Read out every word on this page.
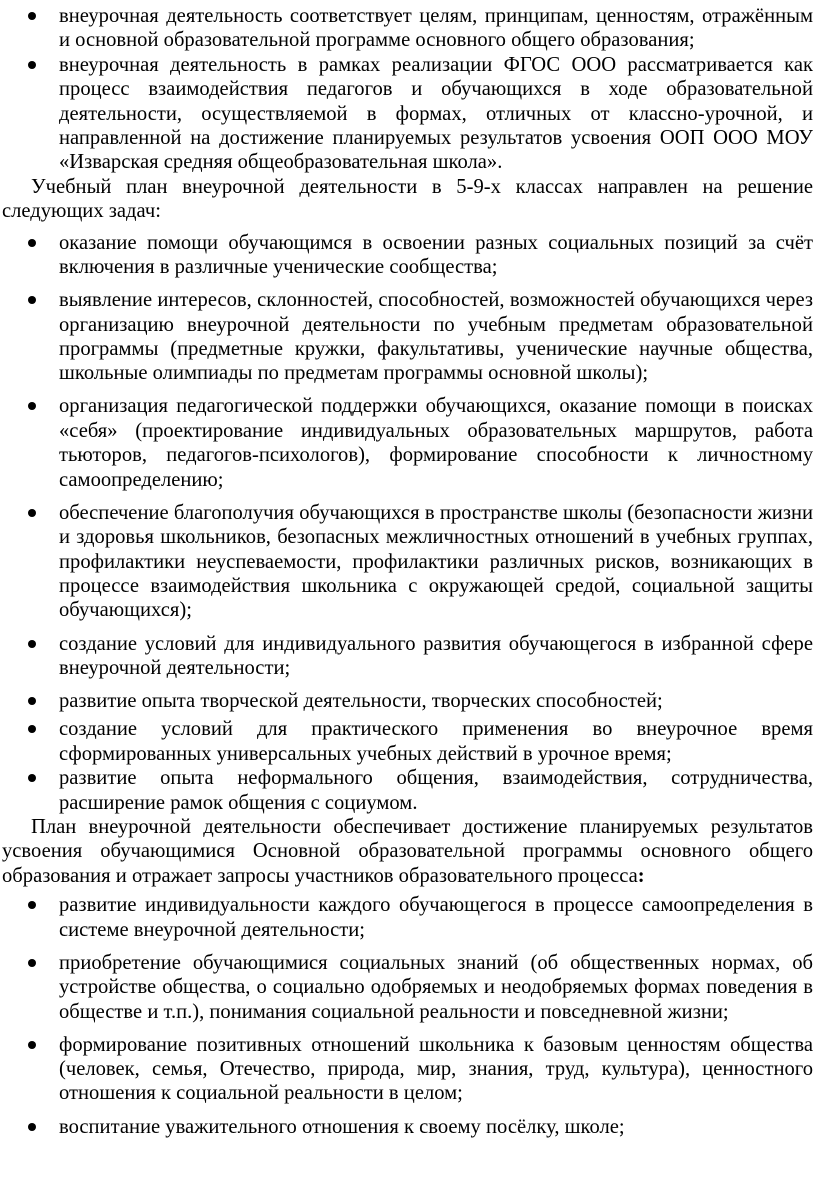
внеурочная деятельность соответствует целям, принципам, ценностям, отражённым и основной образовательной программе основного общего образования;
внеурочная деятельность в рамках реализации ФГОС ООО рассматривается как процесс взаимодействия педагогов и обучающихся в ходе образовательной деятельности, осуществляемой в формах, отличных от классно-урочной, и направленной на достижение планируемых результатов усвоения ООП ООО МОУ «Изварская средняя общеобразовательная школа».

Учебный план внеурочной деятельности в 5-9-х классах направлен на решение следующих задач:

оказание помощи обучающимся в освоении разных социальных позиций за счёт включения в различные ученические сообщества;
выявление интересов, склонностей, способностей, возможностей обучающихся через организацию внеурочной деятельности по учебным предметам образовательной программы (предметные кружки, факультативы, ученические научные общества, школьные олимпиады по предметам программы основной школы);
организация педагогической поддержки обучающихся, оказание помощи в поисках «себя» (проектирование индивидуальных образовательных маршрутов, работа тьюторов, педагогов-психологов), формирование способности к личностному самоопределению;
обеспечение благополучия обучающихся в пространстве школы (безопасности жизни и здоровья школьников, безопасных межличностных отношений в учебных группах, профилактики неуспеваемости, профилактики различных рисков, возникающих в процессе взаимодействия школьника с окружающей средой, социальной защиты обучающихся);
создание условий для индивидуального развития обучающегося в избранной сфере внеурочной деятельности;
развитие опыта творческой деятельности, творческих способностей;
создание условий для практического применения во внеурочное время сформированных универсальных учебных действий в урочное время;
развитие опыта неформального общения, взаимодействия, сотрудничества, расширение рамок общения с социумом.

План внеурочной деятельности обеспечивает достижение планируемых результатов усвоения обучающимися Основной образовательной программы основного общего образования и отражает запросы участников образовательного процесса:

развитие индивидуальности каждого обучающегося в процессе самоопределения в системе внеурочной деятельности;
приобретение обучающимися социальных знаний (об общественных нормах, об устройстве общества, о социально одобряемых и неодобряемых формах поведения в обществе и т.п.), понимания социальной реальности и повседневной жизни;
формирование позитивных отношений школьника к базовым ценностям общества (человек, семья, Отечество, природа, мир, знания, труд, культура), ценностного отношения к социальной реальности в целом;
воспитание уважительного отношения к своему посёлку, школе;
